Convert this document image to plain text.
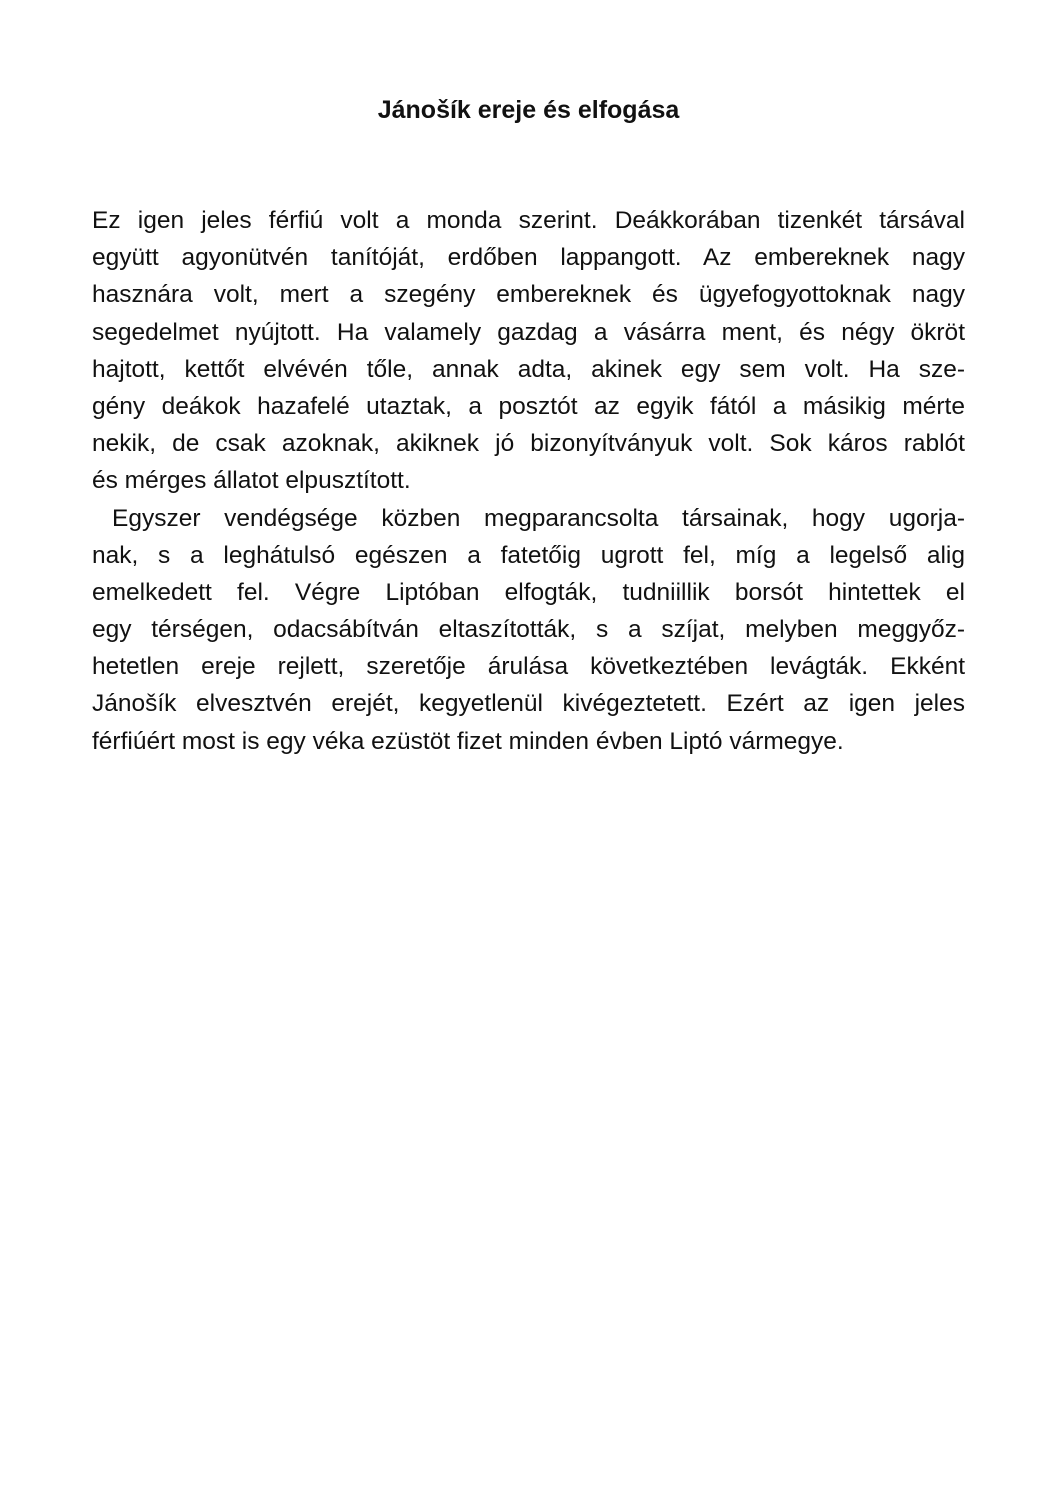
Jánošík ereje és elfogása
Ez igen jeles férfiú volt a monda szerint. Deákkorában tizenkét társával
együtt agyonütvén tanítóját, erdőben lappangott. Az embereknek nagy
hasznára volt, mert a szegény embereknek és ügyefogyottoknak nagy
segedelmet nyújtott. Ha valamely gazdag a vásárra ment, és négy ökröt
hajtott, kettőt elvévén tőle, annak adta, akinek egy sem volt. Ha sze-
gény deákok hazafelé utaztak, a posztót az egyik fától a másikig mérte
nekik, de csak azoknak, akiknek jó bizonyítványuk volt. Sok káros rablót
és mérges állatot elpusztított.
Egyszer vendégsége közben megparancsolta társainak, hogy ugorja-
nak, s a leghátulsó egészen a fatetőig ugrott fel, míg a legelső alig
emelkedett fel. Végre Liptóban elfogták, tudniillik borsót hintettek el
egy térségen, odacsábítván eltaszították, s a szíjat, melyben meggyőz-
hetetlen ereje rejlett, szeretője árulása következtében levágták. Ekként
Jánošík elvesztvén erejét, kegyetlenül kivégeztetett. Ezért az igen jeles
férfiúért most is egy véka ezüstöt fizet minden évben Liptó vármegye.
